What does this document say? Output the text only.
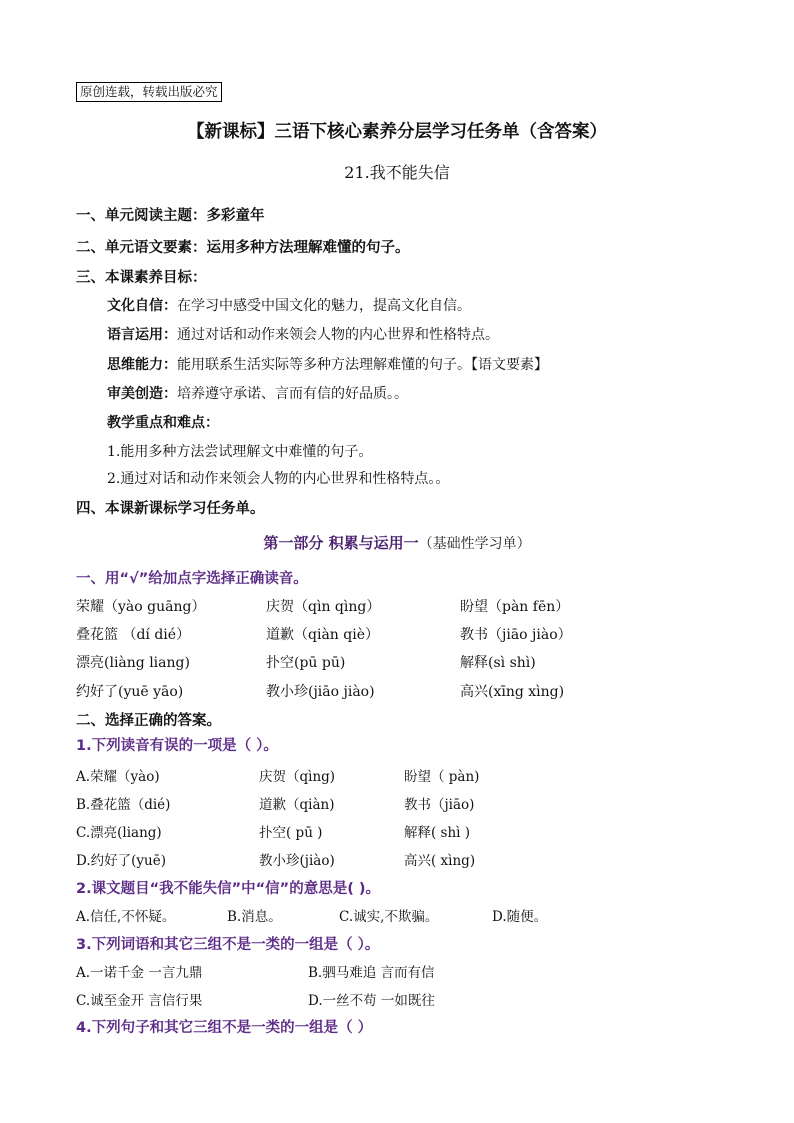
原创连载，转载出版必究
【新课标】三语下核心素养分层学习任务单（含答案）
21.我不能失信
一、单元阅读主题：多彩童年
二、单元语文要素：运用多种方法理解难懂的句子。
三、本课素养目标：
文化自信：在学习中感受中国文化的魅力，提高文化自信。
语言运用：通过对话和动作来领会人物的内心世界和性格特点。
思维能力：能用联系生活实际等多种方法理解难懂的句子。【语文要素】
审美创造：培养遵守承诺、言而有信的好品质。。
教学重点和难点：
1.能用多种方法尝试理解文中难懂的句子。
2.通过对话和动作来领会人物的内心世界和性格特点。。
四、本课新课标学习任务单。
第一部分 积累与运用一（基础性学习单）
一、用“√”给加点字选择正确读音。
荣耀（yào guāng）	庆贺（qìn qìng）	盼望（pàn fēn）
叠花篮 （dí dié）	道歉（qiàn qiè）	教书（jiāo jiào）
漂亮(liàng liang)	扑空(pū pū)	解释(sì shì)
约好了(yuē yāo)	教小珍(jiāo jiào)	高兴(xīng xìng)
二、选择正确的答案。
1.下列读音有误的一项是（ ）。
A.荣耀（yào)	庆贺（qìng)	盼望（ pàn)
B.叠花篮（dié)	道歉（qiàn)	教书（jiāo)
C.漂亮(liang)	扑空( pū )	解释( shì )
D.约好了(yuē)	教小珍(jiào)	高兴( xìng)
2.课文题目“我不能失信”中“信”的意思是( )。
A.信任,不怀疑。	B.消息。	C.诚实,不欺骗。	D.随便。
3.下列词语和其它三组不是一类的一组是（ ）。
A.一诺千金 一言九鼎	B.驷马难追 言而有信
C.诚至金开 言信行果	D.一丝不苟 一如既往
4.下列句子和其它三组不是一类的一组是（ ）
